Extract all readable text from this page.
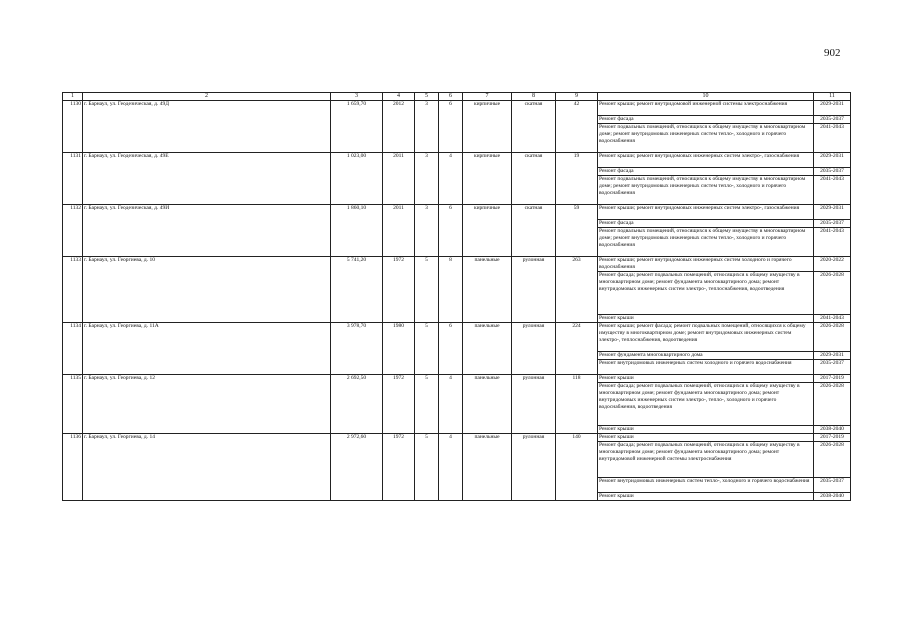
902
1	2	3	4	5	6	7	8	9	10	11
1130	г. Барнаул, ул. Геодезическая, д. 49Д	1 659,70	2012	3	6	кирпичные	скатная	42	Ремонт крыши; ремонт внутридомовой инженерной системы электроснабжения	2029-2031
									Ремонт фасада	2035-2037
									Ремонт подвальных помещений, относящихся к общему имуществу в многоквартирном доме; ремонт внутридомовых инженерных систем тепло-, холодного и горячего водоснабжения	2041-2043
1131	г. Барнаул, ул. Геодезическая, д. 49Е	1 023,00	2011	3	4	кирпичные	скатная	19	Ремонт крыши; ремонт внутридомовых инженерных систем электро-, газоснабжения	2029-2031
									Ремонт фасада	2035-2037
									Ремонт подвальных помещений, относящихся к общему имуществу в многоквартирном доме; ремонт внутридомовых инженерных систем тепло-, холодного и горячего водоснабжения	2041-2043
1132	г. Барнаул, ул. Геодезическая, д. 49И	1 860,10	2011	3	6	кирпичные	скатная	59	Ремонт крыши; ремонт внутридомовых инженерных систем электро-, газоснабжения	2029-2031
									Ремонт фасада	2035-2037
									Ремонт подвальных помещений, относящихся к общему имуществу в многоквартирном доме; ремонт внутридомовых инженерных систем тепло-, холодного и горячего водоснабжения	2041-2043
1133	г. Барнаул, ул. Георгиева, д. 10	5 741,20	1972	5	8	панельные	рулонная	263	Ремонт крыши; ремонт внутридомовых инженерных систем холодного и горячего водоснабжения	2020-2022
									Ремонт фасада; ремонт подвальных помещений, относящихся к общему имуществу в многоквартирном доме; ремонт фундамента многоквартирного дома; ремонт внутридомовых инженерных систем электро-, теплоснабжения, водоотведения	2026-2028
									Ремонт крыши	2041-2043
1134	г. Барнаул, ул. Георгиева, д. 11А	3 978,70	1980	5	6	панельные	рулонная	224	Ремонт крыши; ремонт фасада; ремонт подвальных помещений, относящихся к общему имуществу в многоквартирном доме; ремонт внутридомовых инженерных систем электро-, теплоснабжения, водоотведения	2026-2028
									Ремонт фундамента многоквартирного дома	2029-2031
									Ремонт внутридомовых инженерных систем холодного и горячего водоснабжения	2035-2037
1135	г. Барнаул, ул. Георгиева, д. 12	2 692,50	1972	5	4	панельные	рулонная	118	Ремонт крыши	2017-2019
									Ремонт фасада; ремонт подвальных помещений, относящихся к общему имуществу в многоквартирном доме; ремонт фундамента многоквартирного дома; ремонт внутридомовых инженерных систем электро-, тепло-, холодного и горячего водоснабжения, водоотведения	2026-2028
									Ремонт крыши	2038-2040
1136	г. Барнаул, ул. Георгиева, д. 14	2 972,60	1972	5	4	панельные	рулонная	140	Ремонт крыши	2017-2019
									Ремонт фасада; ремонт подвальных помещений, относящихся к общему имуществу в многоквартирном доме; ремонт фундамента многоквартирного дома; ремонт внутридомовой инженерной системы электроснабжения	2026-2028
									Ремонт внутридомовых инженерных систем тепло-, холодного и горячего водоснабжения	2035-2037
									Ремонт крыши	2038-2040
